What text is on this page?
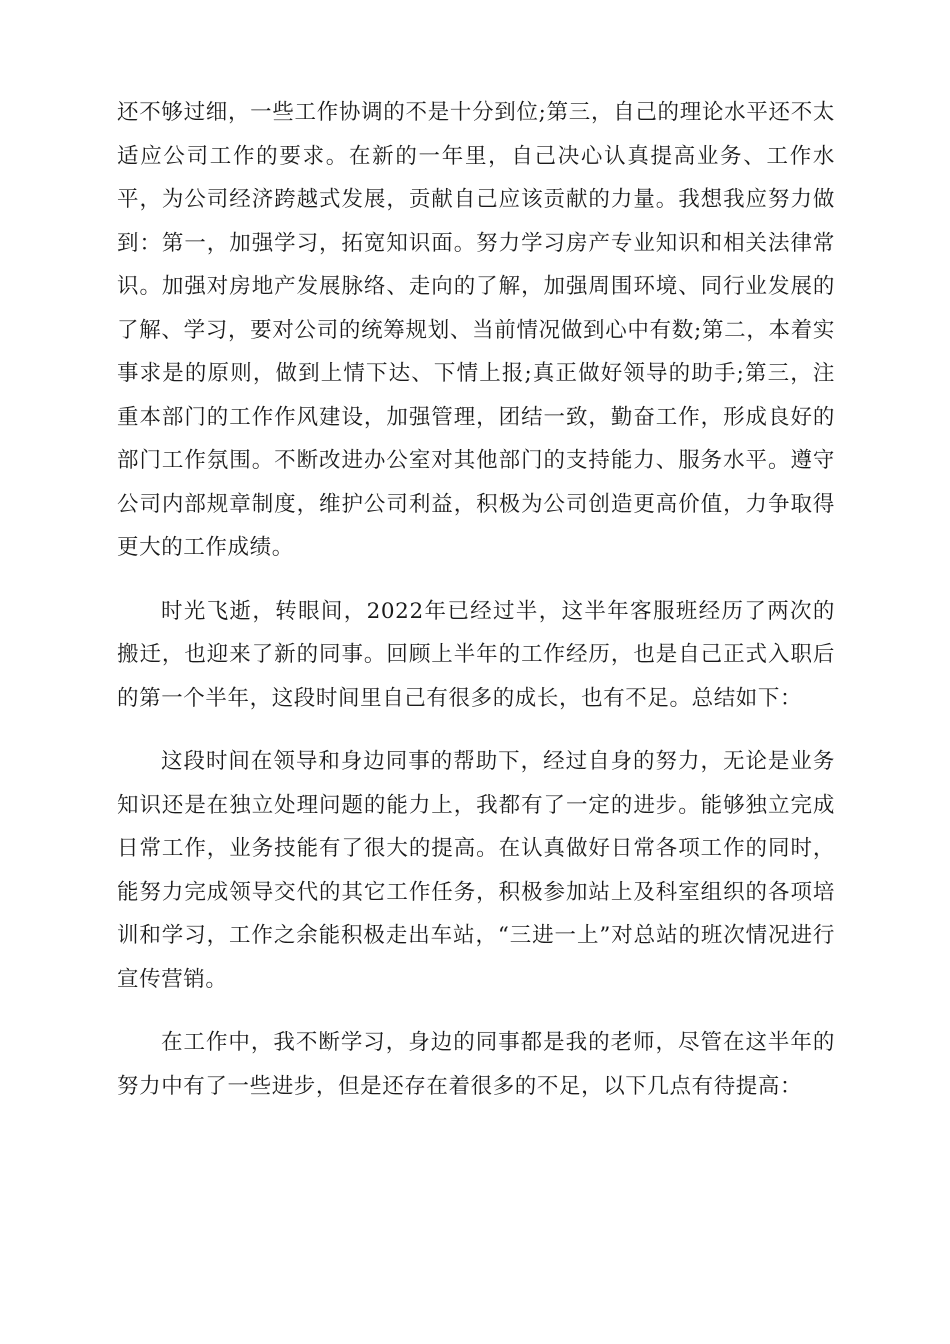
还不够过细，一些工作协调的不是十分到位;第三，自己的理论水平还不太适应公司工作的要求。在新的一年里，自己决心认真提高业务、工作水平，为公司经济跨越式发展，贡献自己应该贡献的力量。我想我应努力做到：第一，加强学习，拓宽知识面。努力学习房产专业知识和相关法律常识。加强对房地产发展脉络、走向的了解，加强周围环境、同行业发展的了解、学习，要对公司的统筹规划、当前情况做到心中有数;第二，本着实事求是的原则，做到上情下达、下情上报;真正做好领导的助手;第三，注重本部门的工作作风建设，加强管理，团结一致，勤奋工作，形成良好的部门工作氛围。不断改进办公室对其他部门的支持能力、服务水平。遵守公司内部规章制度，维护公司利益，积极为公司创造更高价值，力争取得更大的工作成绩。

时光飞逝，转眼间，2022年已经过半，这半年客服班经历了两次的搬迁，也迎来了新的同事。回顾上半年的工作经历，也是自己正式入职后的第一个半年，这段时间里自己有很多的成长，也有不足。总结如下：

这段时间在领导和身边同事的帮助下，经过自身的努力，无论是业务知识还是在独立处理问题的能力上，我都有了一定的进步。能够独立完成日常工作，业务技能有了很大的提高。在认真做好日常各项工作的同时，能努力完成领导交代的其它工作任务，积极参加站上及科室组织的各项培训和学习，工作之余能积极走出车站，“三进一上”对总站的班次情况进行宣传营销。

在工作中，我不断学习，身边的同事都是我的老师，尽管在这半年的努力中有了一些进步，但是还存在着很多的不足，以下几点有待提高：
